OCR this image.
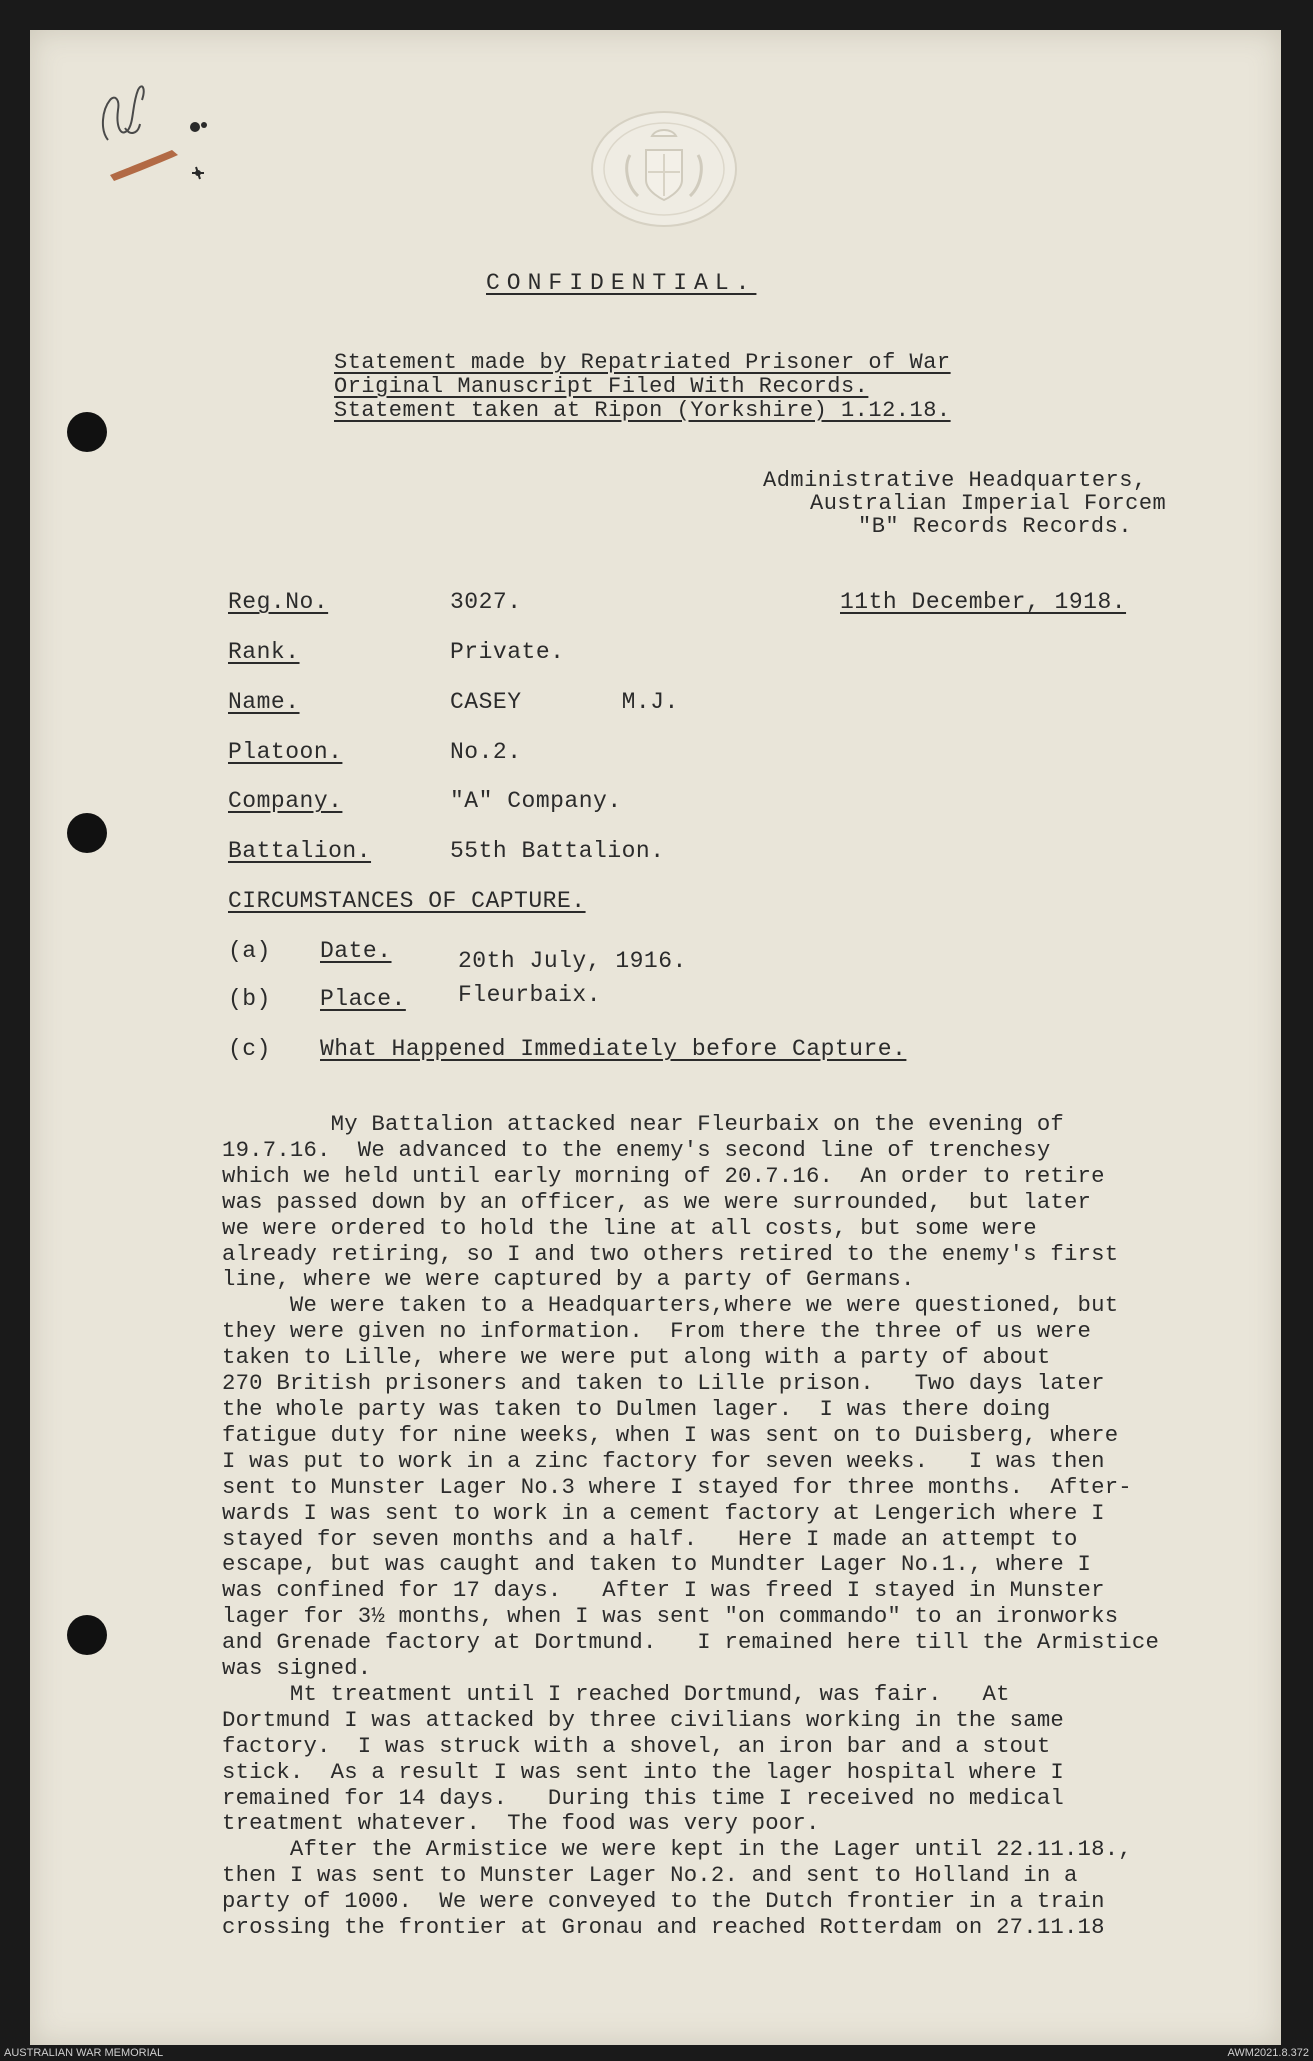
CONFIDENTIAL.
Statement made by Repatriated Prisoner of War
Original Manuscript Filed With Records.
Statement taken at Ripon (Yorkshire) 1.12.18.
Administrative Headquarters,
Australian Imperial Forcem
"B" Records Records.
Reg.No.	3027.	11th December, 1918.
Rank.	Private.
Name.	CASEY       M.J.
Platoon.	No.2.
Company.	"A" Company.
Battalion.	55th Battalion.
CIRCUMSTANCES OF CAPTURE.
(a) Date.	20th July, 1916.
(b) Place. Fleurbaix.
(c) What Happened Immediately before Capture.
My Battalion attacked near Fleurbaix on the evening of
19.7.16.  We advanced to the enemy's second line of trenchesy
which we held until early morning of 20.7.16.  An order to retire
was passed down by an officer, as we were surrounded,  but later
we were ordered to hold the line at all costs, but some were
already retiring, so I and two others retired to the enemy's first
line, where we were captured by a party of Germans.
We were taken to a Headquarters,where we were questioned, but
they were given no information.  From there the three of us were
taken to Lille, where we were put along with a party of about
270 British prisoners and taken to Lille prison.   Two days later
the whole party was taken to Dulmen lager.  I was there doing
fatigue duty for nine weeks, when I was sent on to Duisberg, where
I was put to work in a zinc factory for seven weeks.   I was then
sent to Munster Lager No.3 where I stayed for three months.  After-
wards I was sent to work in a cement factory at Lengerich where I
stayed for seven months and a half.   Here I made an attempt to
escape, but was caught and taken to Mundter Lager No.1., where I
was confined for 17 days.   After I was freed I stayed in Munster
lager for 3½ months, when I was sent "on commando" to an ironworks
and Grenade factory at Dortmund.   I remained here till the Armistice
was signed.
Mt treatment until I reached Dortmund, was fair.   At
Dortmund I was attacked by three civilians working in the same
factory.  I was struck with a shovel, an iron bar and a stout
stick.  As a result I was sent into the lager hospital where I
remained for 14 days.   During this time I received no medical
treatment whatever.  The food was very poor.
After the Armistice we were kept in the Lager until 22.11.18.,
then I was sent to Munster Lager No.2. and sent to Holland in a
party of 1000.  We were conveyed to the Dutch frontier in a train
crossing the frontier at Gronau and reached Rotterdam on 27.11.18
AUSTRALIAN WAR MEMORIAL	AWM2021.8.372
